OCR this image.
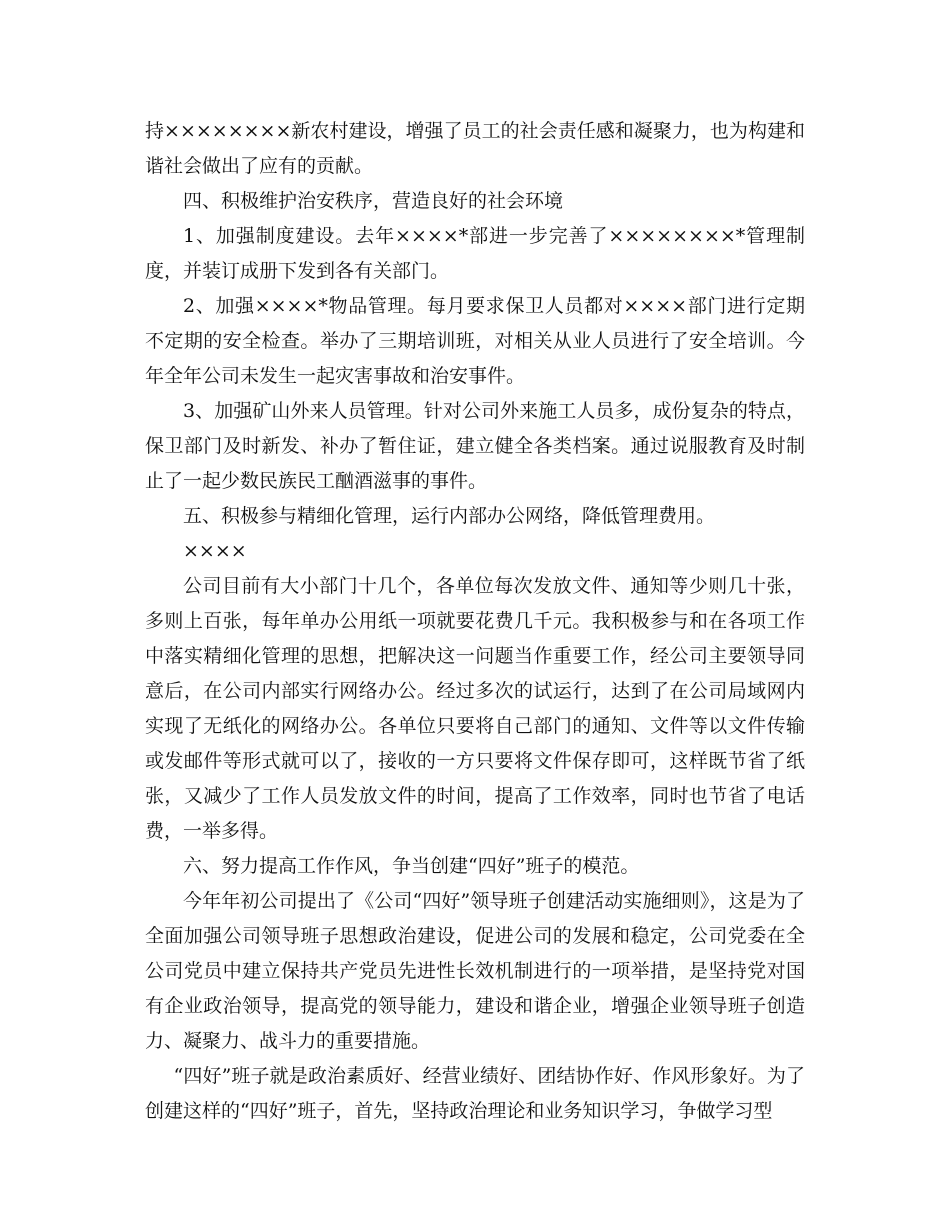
持××××××××新农村建设，增强了员工的社会责任感和凝聚力，也为构建和谐社会做出了应有的贡献。

四、积极维护治安秩序，营造良好的社会环境

1、加强制度建设。去年××××*部进一步完善了××××××××*管理制度，并装订成册下发到各有关部门。

2、加强××××*物品管理。每月要求保卫人员都对××××部门进行定期不定期的安全检查。举办了三期培训班，对相关从业人员进行了安全培训。今年全年公司未发生一起灾害事故和治安事件。

3、加强矿山外来人员管理。针对公司外来施工人员多，成份复杂的特点，保卫部门及时新发、补办了暂住证，建立健全各类档案。通过说服教育及时制止了一起少数民族民工酗酒滋事的事件。

五、积极参与精细化管理，运行内部办公网络，降低管理费用。

××××

公司目前有大小部门十几个，各单位每次发放文件、通知等少则几十张，多则上百张，每年单办公用纸一项就要花费几千元。我积极参与和在各项工作中落实精细化管理的思想，把解决这一问题当作重要工作，经公司主要领导同意后，在公司内部实行网络办公。经过多次的试运行，达到了在公司局域网内实现了无纸化的网络办公。各单位只要将自己部门的通知、文件等以文件传输或发邮件等形式就可以了，接收的一方只要将文件保存即可，这样既节省了纸张，又减少了工作人员发放文件的时间，提高了工作效率，同时也节省了电话费，一举多得。

六、努力提高工作作风，争当创建“四好”班子的模范。

今年年初公司提出了《公司“四好”领导班子创建活动实施细则》，这是为了全面加强公司领导班子思想政治建设，促进公司的发展和稳定，公司党委在全公司党员中建立保持共产党员先进性长效机制进行的一项举措，是坚持党对国有企业政治领导，提高党的领导能力，建设和谐企业，增强企业领导班子创造力、凝聚力、战斗力的重要措施。

“四好”班子就是政治素质好、经营业绩好、团结协作好、作风形象好。为了创建这样的“四好”班子，首先，坚持政治理论和业务知识学习，争做学习型
